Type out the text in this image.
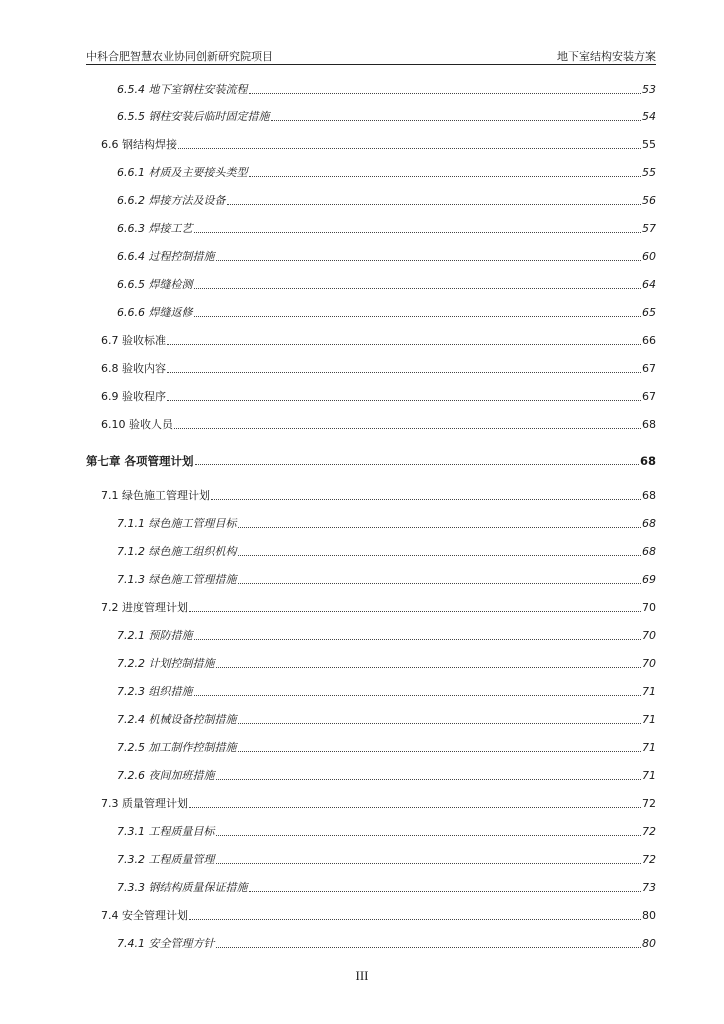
中科合肥智慧农业协同创新研究院项目	地下室结构安装方案
6.5.4 地下室钢柱安装流程	53
6.5.5 钢柱安装后临时固定措施	54
6.6 钢结构焊接	55
6.6.1 材质及主要接头类型	55
6.6.2 焊接方法及设备	56
6.6.3 焊接工艺	57
6.6.4 过程控制措施	60
6.6.5 焊缝检测	64
6.6.6 焊缝返修	65
6.7 验收标准	66
6.8 验收内容	67
6.9 验收程序	67
6.10 验收人员	68
第七章 各项管理计划	68
7.1 绿色施工管理计划	68
7.1.1 绿色施工管理目标	68
7.1.2 绿色施工组织机构	68
7.1.3 绿色施工管理措施	69
7.2 进度管理计划	70
7.2.1 预防措施	70
7.2.2 计划控制措施	70
7.2.3 组织措施	71
7.2.4 机械设备控制措施	71
7.2.5 加工制作控制措施	71
7.2.6 夜间加班措施	71
7.3 质量管理计划	72
7.3.1 工程质量目标	72
7.3.2 工程质量管理	72
7.3.3 钢结构质量保证措施	73
7.4 安全管理计划	80
7.4.1 安全管理方针	80
III
